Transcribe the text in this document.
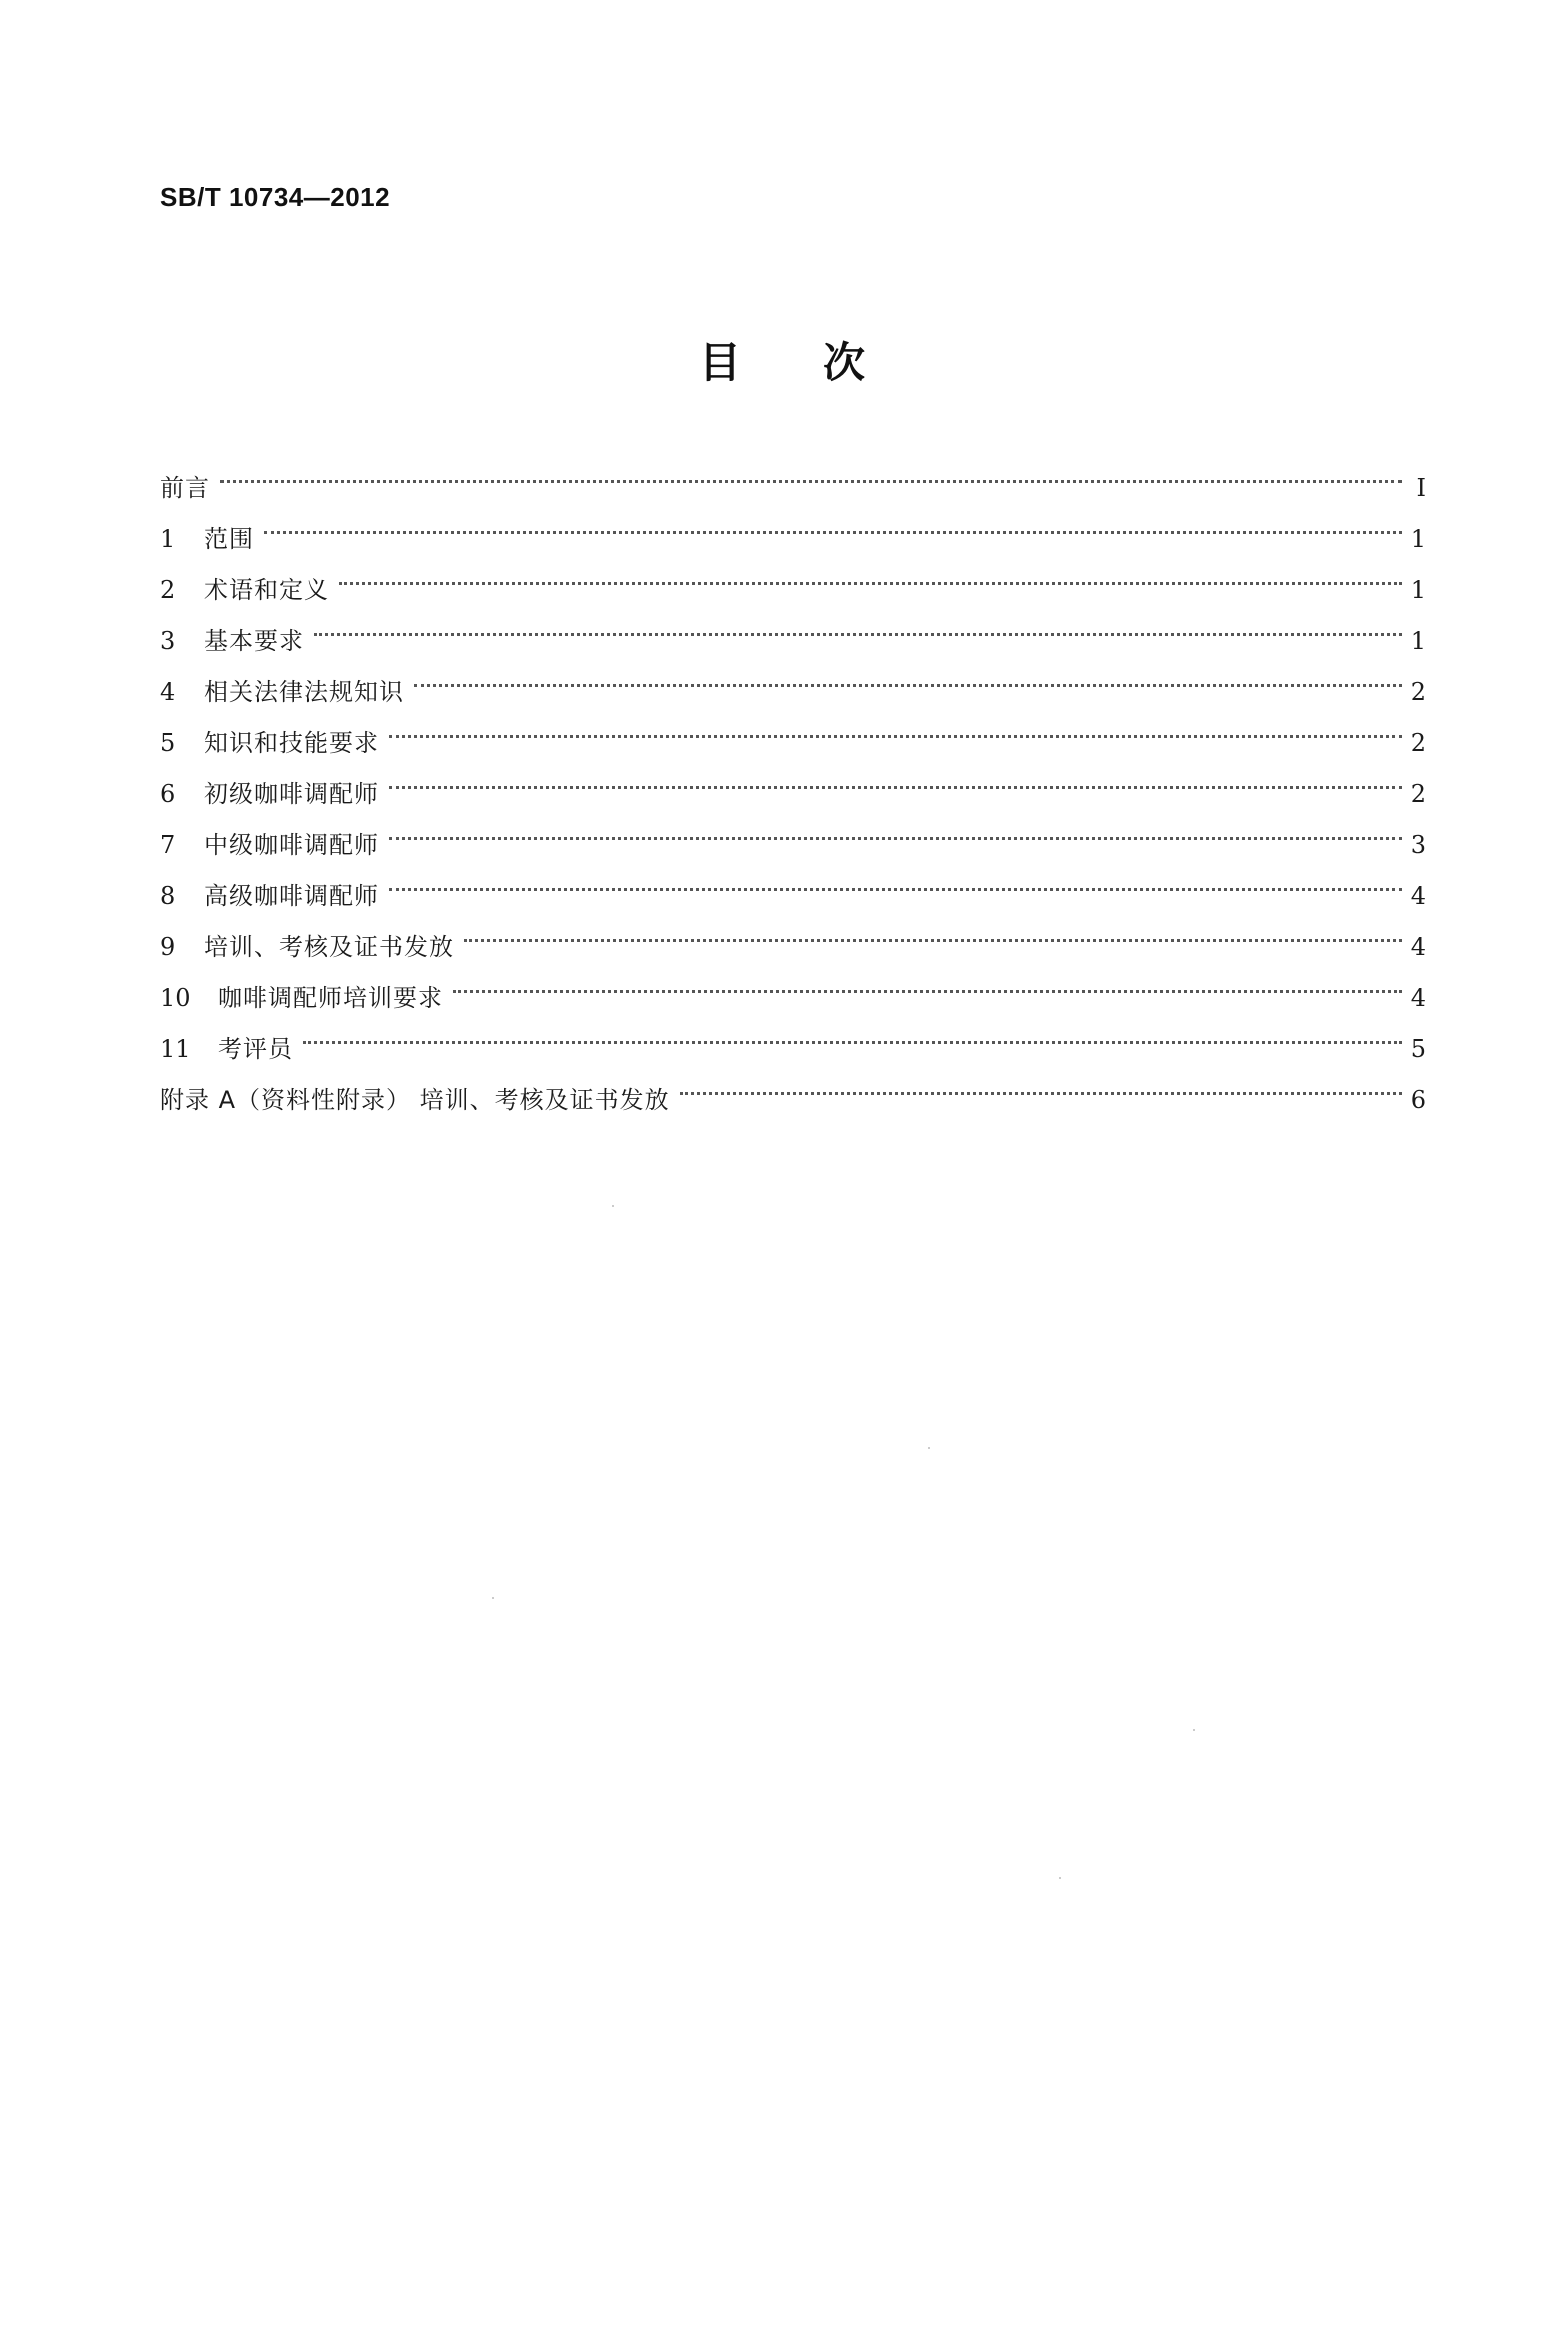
SB/T 10734—2012
目次
前言	Ⅰ
1	范围	1
2	术语和定义	1
3	基本要求	1
4	相关法律法规知识	2
5	知识和技能要求	2
6	初级咖啡调配师	2
7	中级咖啡调配师	3
8	高级咖啡调配师	4
9	培训、考核及证书发放	4
10	咖啡调配师培训要求	4
11	考评员	5
附录 A（资料性附录） 培训、考核及证书发放	6
